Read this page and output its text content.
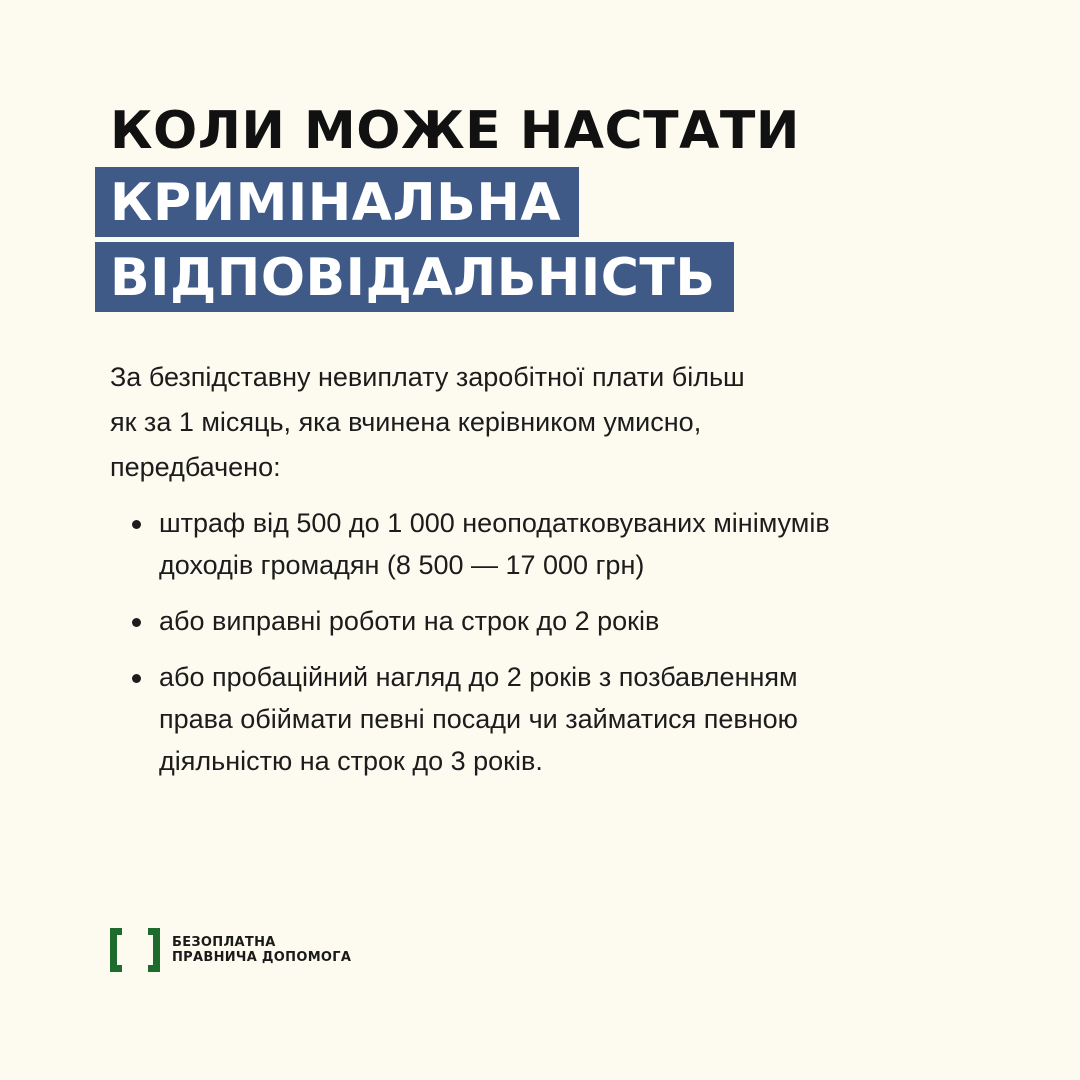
КОЛИ МОЖЕ НАСТАТИ
КРИМІНАЛЬНА
ВІДПОВІДАЛЬНІСТЬ

За безпідставну невиплату заробітної плати більш

як за 1 місяць, яка вчинена керівником умисно,

передбачено:

штраф від 500 до 1 000 неоподатковуваних мінімумів
доходів громадян (8 500 — 17 000 грн)
або виправні роботи на строк до 2 років
або пробаційний нагляд до 2 років з позбавленням
права обіймати певні посади чи займатися певною
діяльністю на строк до 3 років.
БЕЗОПЛАТНА
ПРАВНИЧА ДОПОМОГА
